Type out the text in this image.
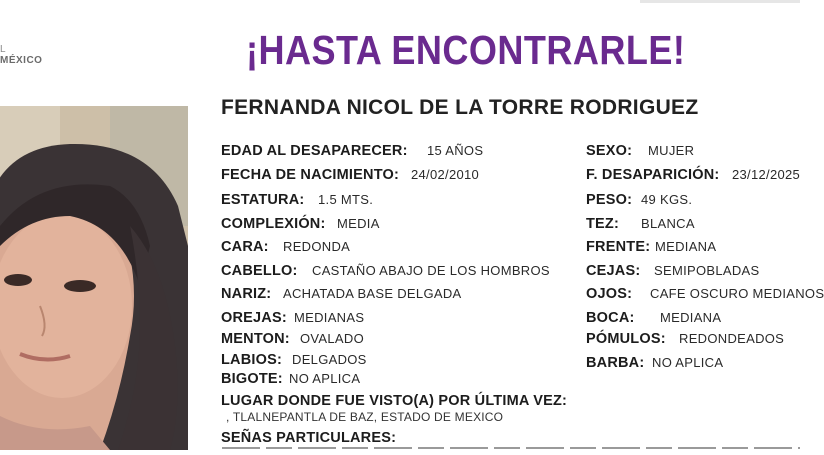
L
MÉXICO	¡HASTA ENCONTRARLE!
FERNANDA NICOL DE LA TORRE RODRIGUEZ
EDAD AL DESAPARECER: 15 AÑOS
FECHA DE NACIMIENTO: 24/02/2010
ESTATURA: 1.5 MTS.
COMPLEXIÓN: MEDIA
CARA: REDONDA
CABELLO: CASTAÑO ABAJO DE LOS HOMBROS
NARIZ: ACHATADA BASE DELGADA
OREJAS: MEDIANAS
MENTON: OVALADO
LABIOS: DELGADOS
BIGOTE: NO APLICA
SEXO: MUJER
F. DESAPARICIÓN: 23/12/2025
PESO: 49 KGS.
TEZ: BLANCA
FRENTE: MEDIANA
CEJAS: SEMIPOBLADAS
OJOS: CAFE OSCURO MEDIANOS
BOCA: MEDIANA
PÓMULOS: REDONDEADOS
BARBA: NO APLICA
LUGAR DONDE FUE VISTO(A) POR ÚLTIMA VEZ:
, TLALNEPANTLA DE BAZ, ESTADO DE MEXICO
SEÑAS PARTICULARES:
